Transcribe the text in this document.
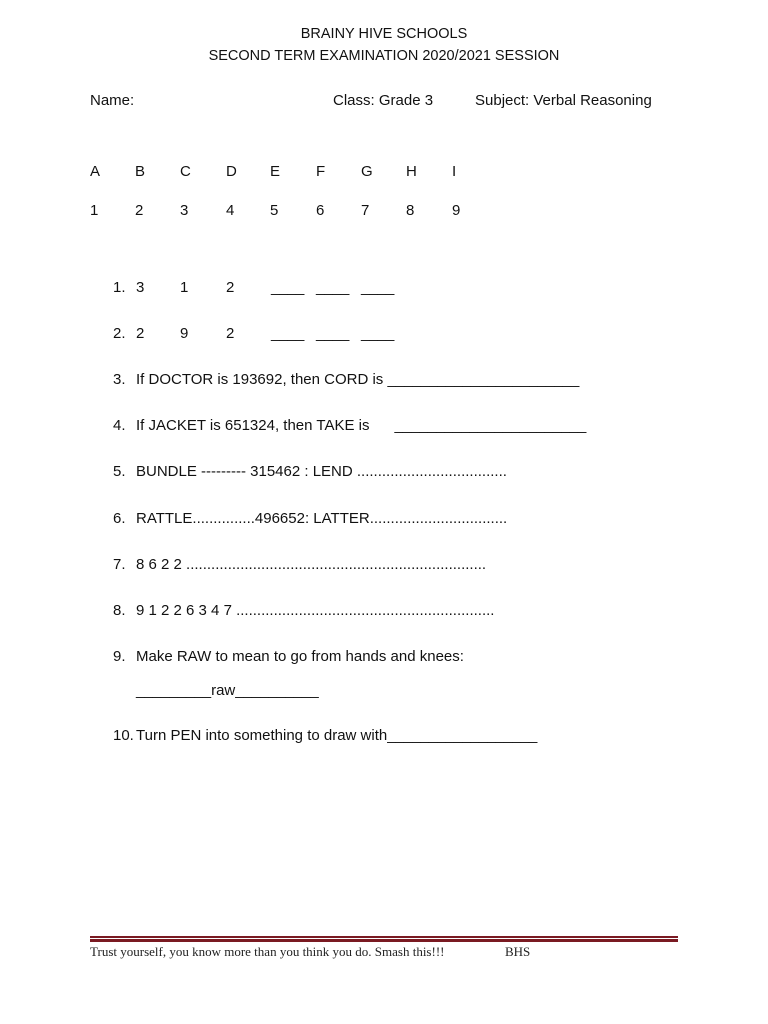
BRAINY HIVE SCHOOLS
SECOND TERM EXAMINATION 2020/2021 SESSION
Name:	Class: Grade 3	Subject: Verbal Reasoning
A B C D E F G H I
1 2 3	4 5	6 7 8	9
1. 3 1	2 ____ ____ ____
2. 2 9	2 ____ ____ ____
3. If DOCTOR is 193692, then CORD is _______________________
4. If JACKET is 651324, then TAKE is      _______________________
5. BUNDLE --------- 315462 : LEND ....................................
6. RATTLE...............496652: LATTER.................................
7. 8 6 2 2 ........................................................................
8. 9 1 2 2 6 3 4 7 ..............................................................
9. Make RAW to mean to go from hands and knees:
_________raw__________
10. Turn PEN into something to draw with__________________
Trust yourself, you know more than you think you do. Smash this!!!	BHS
